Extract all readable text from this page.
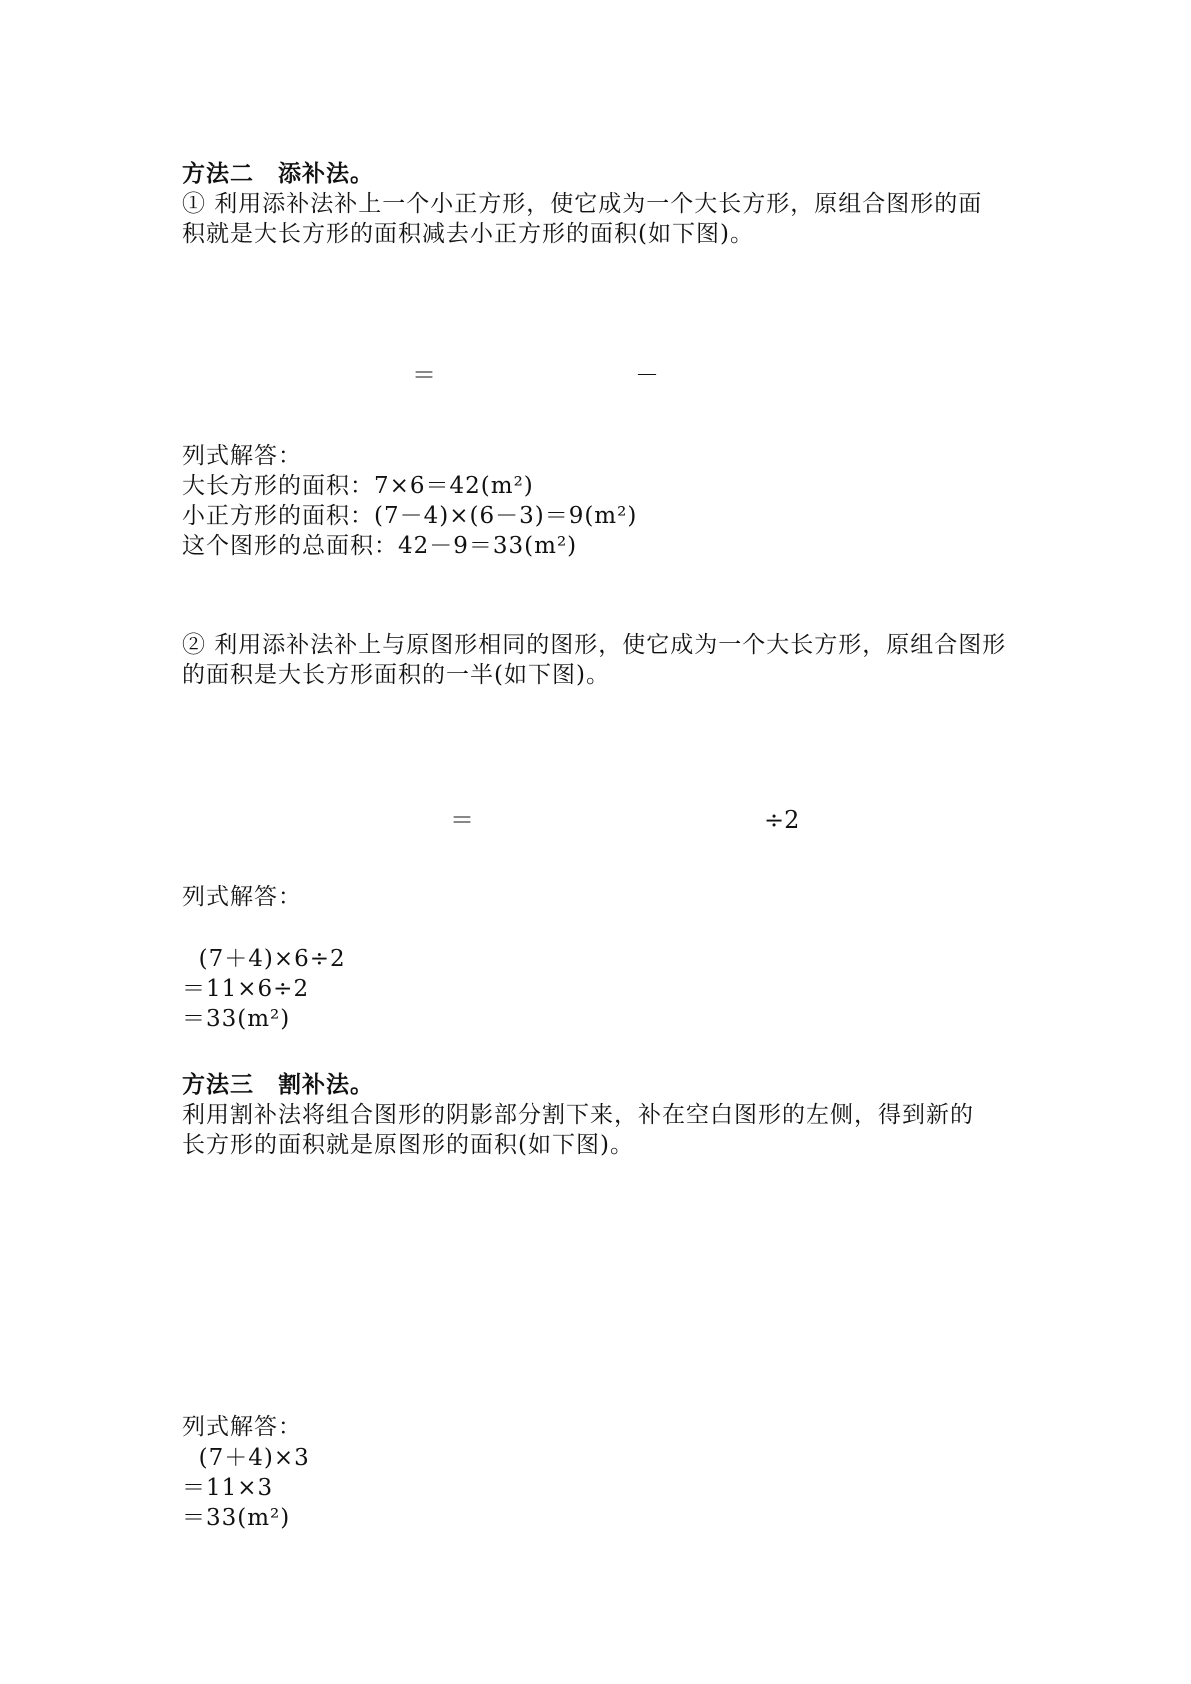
方法二　添补法。
① 利用添补法补上一个小正方形，使它成为一个大长方形，原组合图形的面
积就是大长方形的面积减去小正方形的面积(如下图)。
＝	－
列式解答：
大长方形的面积：7×6＝42(m²)
小正方形的面积：(7－4)×(6－3)＝9(m²)
这个图形的总面积：42－9＝33(m²)
② 利用添补法补上与原图形相同的图形，使它成为一个大长方形，原组合图形
的面积是大长方形面积的一半(如下图)。
＝	÷2
列式解答：
(7＋4)×6÷2
＝11×6÷2
＝33(m²)
方法三　割补法。
利用割补法将组合图形的阴影部分割下来，补在空白图形的左侧，得到新的
长方形的面积就是原图形的面积(如下图)。
列式解答：
(7＋4)×3
＝11×3
＝33(m²)
